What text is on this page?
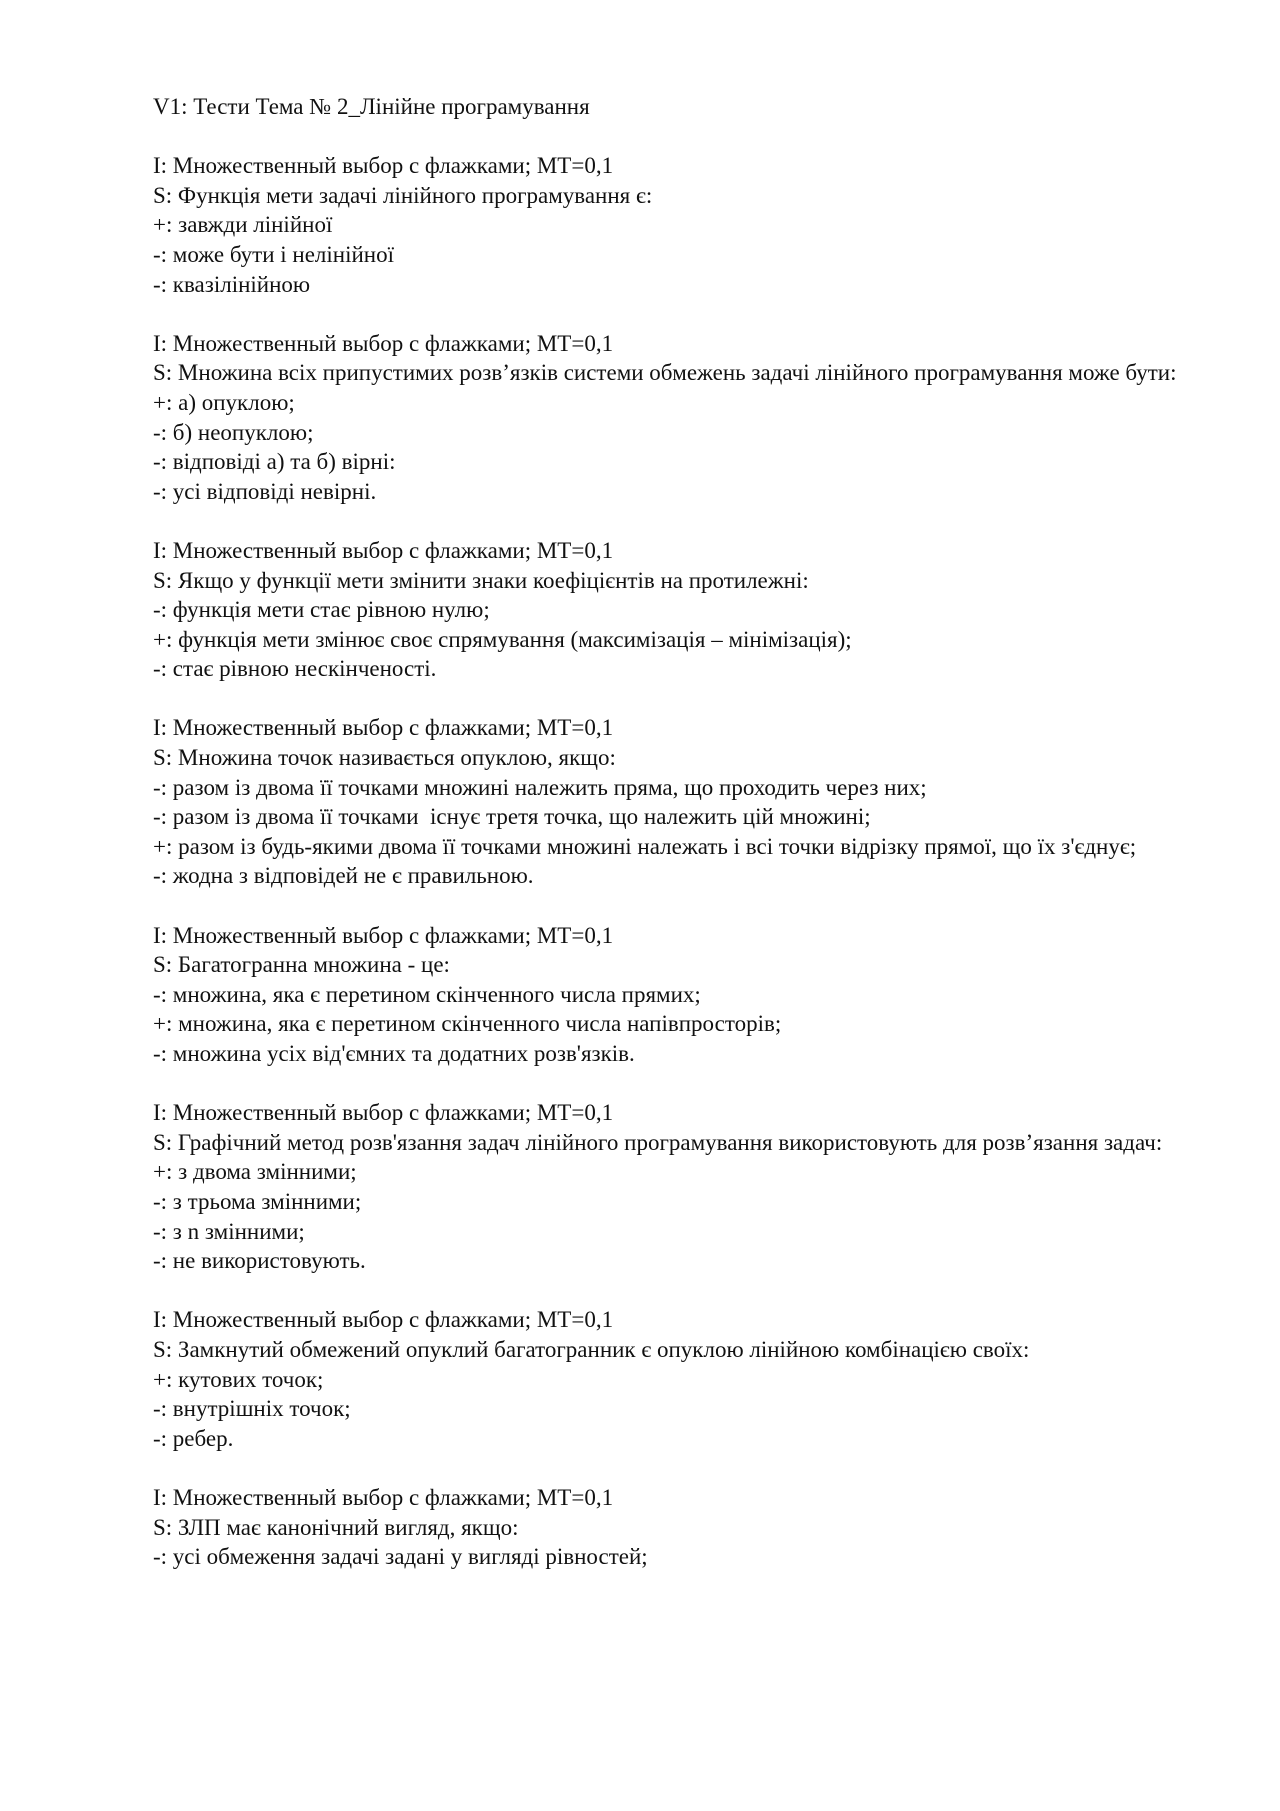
V1: Тести Тема № 2_Лінійне програмування
I: Множественный выбор с флажками; MT=0,1
S: Функція мети задачі лінійного програмування є:
+: завжди лінійної
-: може бути і нелінійної
-: квазілінійною
I: Множественный выбор с флажками; MT=0,1
S: Множина всіх припустимих розв’язків системи обмежень задачі лінійного програмування може бути:
+: а) опуклою;
-: б) неопуклою;
-: відповіді а) та б) вірні:
-: усі відповіді невірні.
I: Множественный выбор с флажками; MT=0,1
S: Якщо у функції мети змінити знаки коефіцієнтів на протилежні:
-: функція мети стає рівною нулю;
+: функція мети змінює своє спрямування (максимізація – мінімізація);
-: стає рівною нескінченості.
I: Множественный выбор с флажками; MT=0,1
S: Множина точок називається опуклою, якщо:
-: разом із двома її точками множині належить пряма, що проходить через них;
-: разом із двома її точками  існує третя точка, що належить цій множині;
+: разом із будь-якими двома її точками множині належать і всі точки відрізку прямої, що їх з'єднує;
-: жодна з відповідей не є правильною.
I: Множественный выбор с флажками; MT=0,1
S: Багатогранна множина - це:
-: множина, яка є перетином скінченного числа прямих;
+: множина, яка є перетином скінченного числа напівпросторів;
-: множина усіх від'ємних та додатних розв'язків.
I: Множественный выбор с флажками; MT=0,1
S: Графічний метод розв'язання задач лінійного програмування використовують для розв’язання задач:
+: з двома змінними;
-: з трьома змінними;
-: з n змінними;
-: не використовують.
I: Множественный выбор с флажками; MT=0,1
S: Замкнутий обмежений опуклий багатогранник є опуклою лінійною комбінацією своїх:
+: кутових точок;
-: внутрішніх точок;
-: ребер.
I: Множественный выбор с флажками; MT=0,1
S: ЗЛП має канонічний вигляд, якщо:
-: усі обмеження задачі задані у вигляді рівностей;
